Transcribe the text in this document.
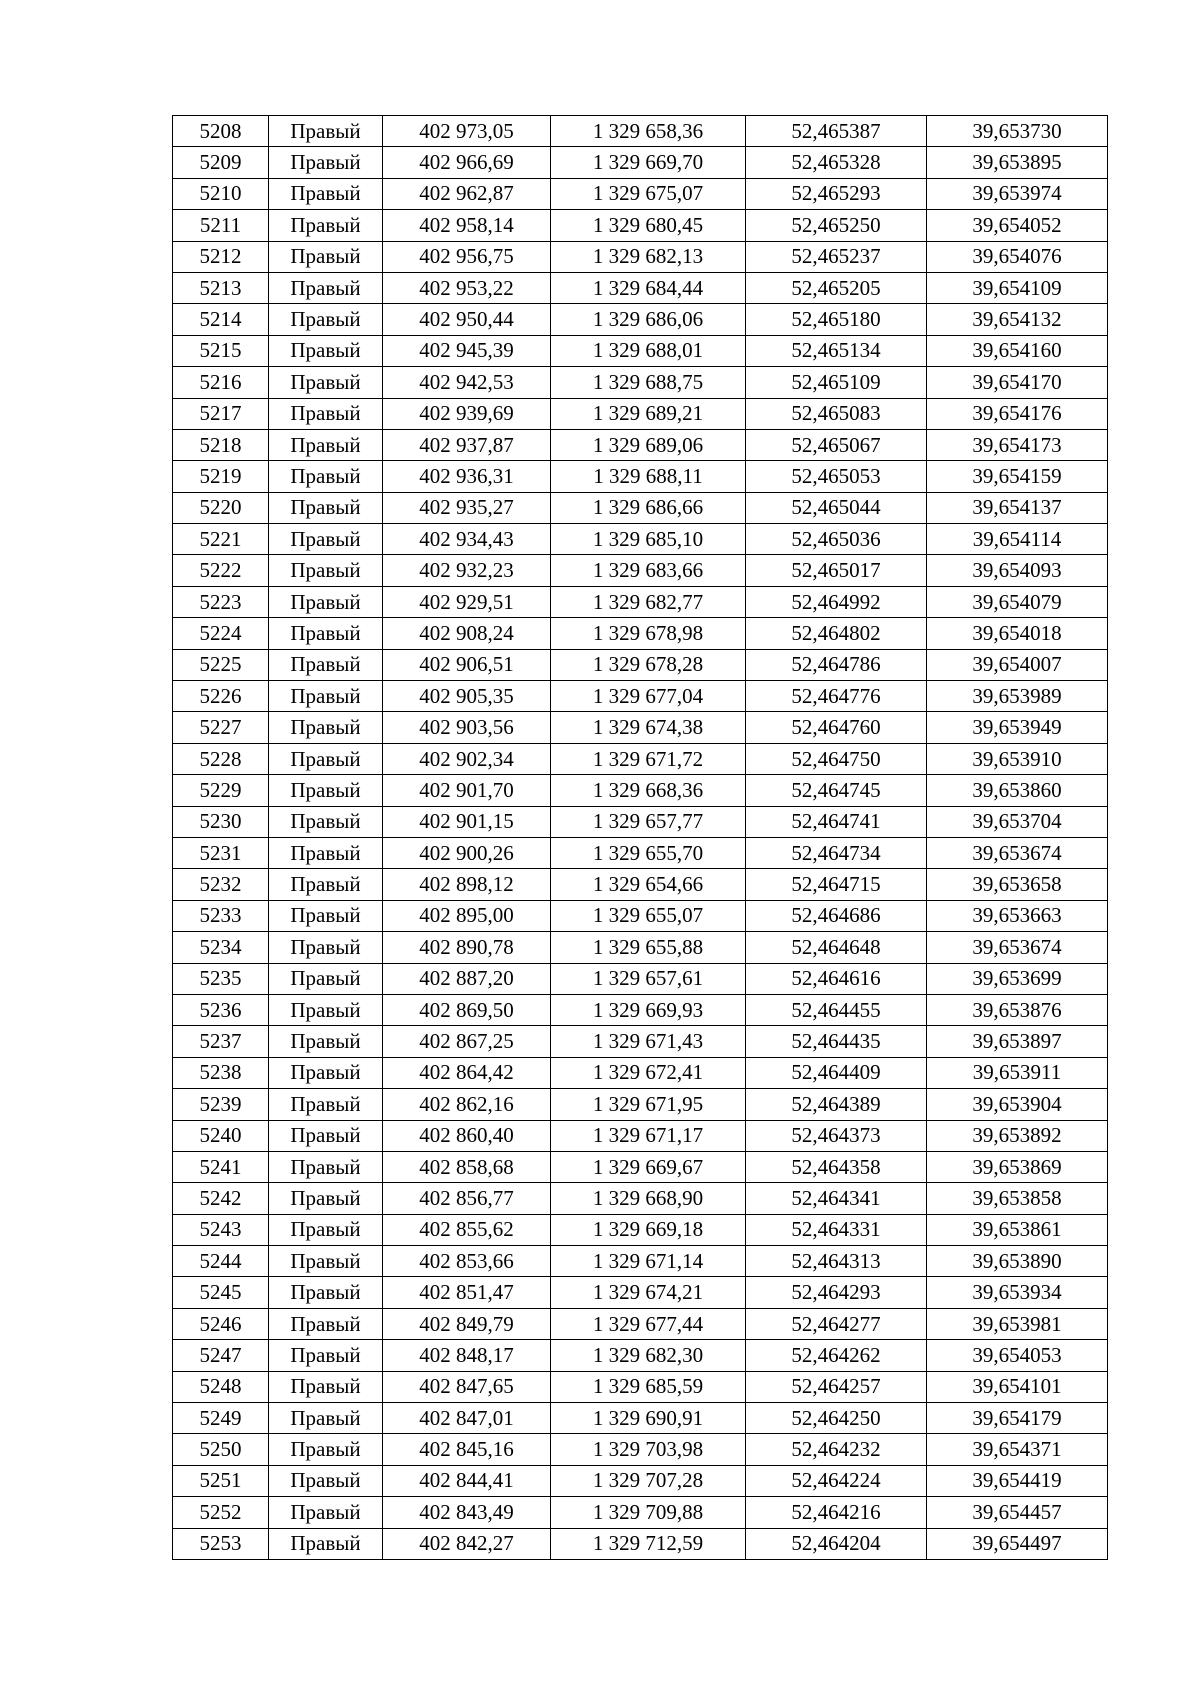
5208	Правый	402 973,05	1 329 658,36	52,465387	39,653730
5209	Правый	402 966,69	1 329 669,70	52,465328	39,653895
5210	Правый	402 962,87	1 329 675,07	52,465293	39,653974
5211	Правый	402 958,14	1 329 680,45	52,465250	39,654052
5212	Правый	402 956,75	1 329 682,13	52,465237	39,654076
5213	Правый	402 953,22	1 329 684,44	52,465205	39,654109
5214	Правый	402 950,44	1 329 686,06	52,465180	39,654132
5215	Правый	402 945,39	1 329 688,01	52,465134	39,654160
5216	Правый	402 942,53	1 329 688,75	52,465109	39,654170
5217	Правый	402 939,69	1 329 689,21	52,465083	39,654176
5218	Правый	402 937,87	1 329 689,06	52,465067	39,654173
5219	Правый	402 936,31	1 329 688,11	52,465053	39,654159
5220	Правый	402 935,27	1 329 686,66	52,465044	39,654137
5221	Правый	402 934,43	1 329 685,10	52,465036	39,654114
5222	Правый	402 932,23	1 329 683,66	52,465017	39,654093
5223	Правый	402 929,51	1 329 682,77	52,464992	39,654079
5224	Правый	402 908,24	1 329 678,98	52,464802	39,654018
5225	Правый	402 906,51	1 329 678,28	52,464786	39,654007
5226	Правый	402 905,35	1 329 677,04	52,464776	39,653989
5227	Правый	402 903,56	1 329 674,38	52,464760	39,653949
5228	Правый	402 902,34	1 329 671,72	52,464750	39,653910
5229	Правый	402 901,70	1 329 668,36	52,464745	39,653860
5230	Правый	402 901,15	1 329 657,77	52,464741	39,653704
5231	Правый	402 900,26	1 329 655,70	52,464734	39,653674
5232	Правый	402 898,12	1 329 654,66	52,464715	39,653658
5233	Правый	402 895,00	1 329 655,07	52,464686	39,653663
5234	Правый	402 890,78	1 329 655,88	52,464648	39,653674
5235	Правый	402 887,20	1 329 657,61	52,464616	39,653699
5236	Правый	402 869,50	1 329 669,93	52,464455	39,653876
5237	Правый	402 867,25	1 329 671,43	52,464435	39,653897
5238	Правый	402 864,42	1 329 672,41	52,464409	39,653911
5239	Правый	402 862,16	1 329 671,95	52,464389	39,653904
5240	Правый	402 860,40	1 329 671,17	52,464373	39,653892
5241	Правый	402 858,68	1 329 669,67	52,464358	39,653869
5242	Правый	402 856,77	1 329 668,90	52,464341	39,653858
5243	Правый	402 855,62	1 329 669,18	52,464331	39,653861
5244	Правый	402 853,66	1 329 671,14	52,464313	39,653890
5245	Правый	402 851,47	1 329 674,21	52,464293	39,653934
5246	Правый	402 849,79	1 329 677,44	52,464277	39,653981
5247	Правый	402 848,17	1 329 682,30	52,464262	39,654053
5248	Правый	402 847,65	1 329 685,59	52,464257	39,654101
5249	Правый	402 847,01	1 329 690,91	52,464250	39,654179
5250	Правый	402 845,16	1 329 703,98	52,464232	39,654371
5251	Правый	402 844,41	1 329 707,28	52,464224	39,654419
5252	Правый	402 843,49	1 329 709,88	52,464216	39,654457
5253	Правый	402 842,27	1 329 712,59	52,464204	39,654497
